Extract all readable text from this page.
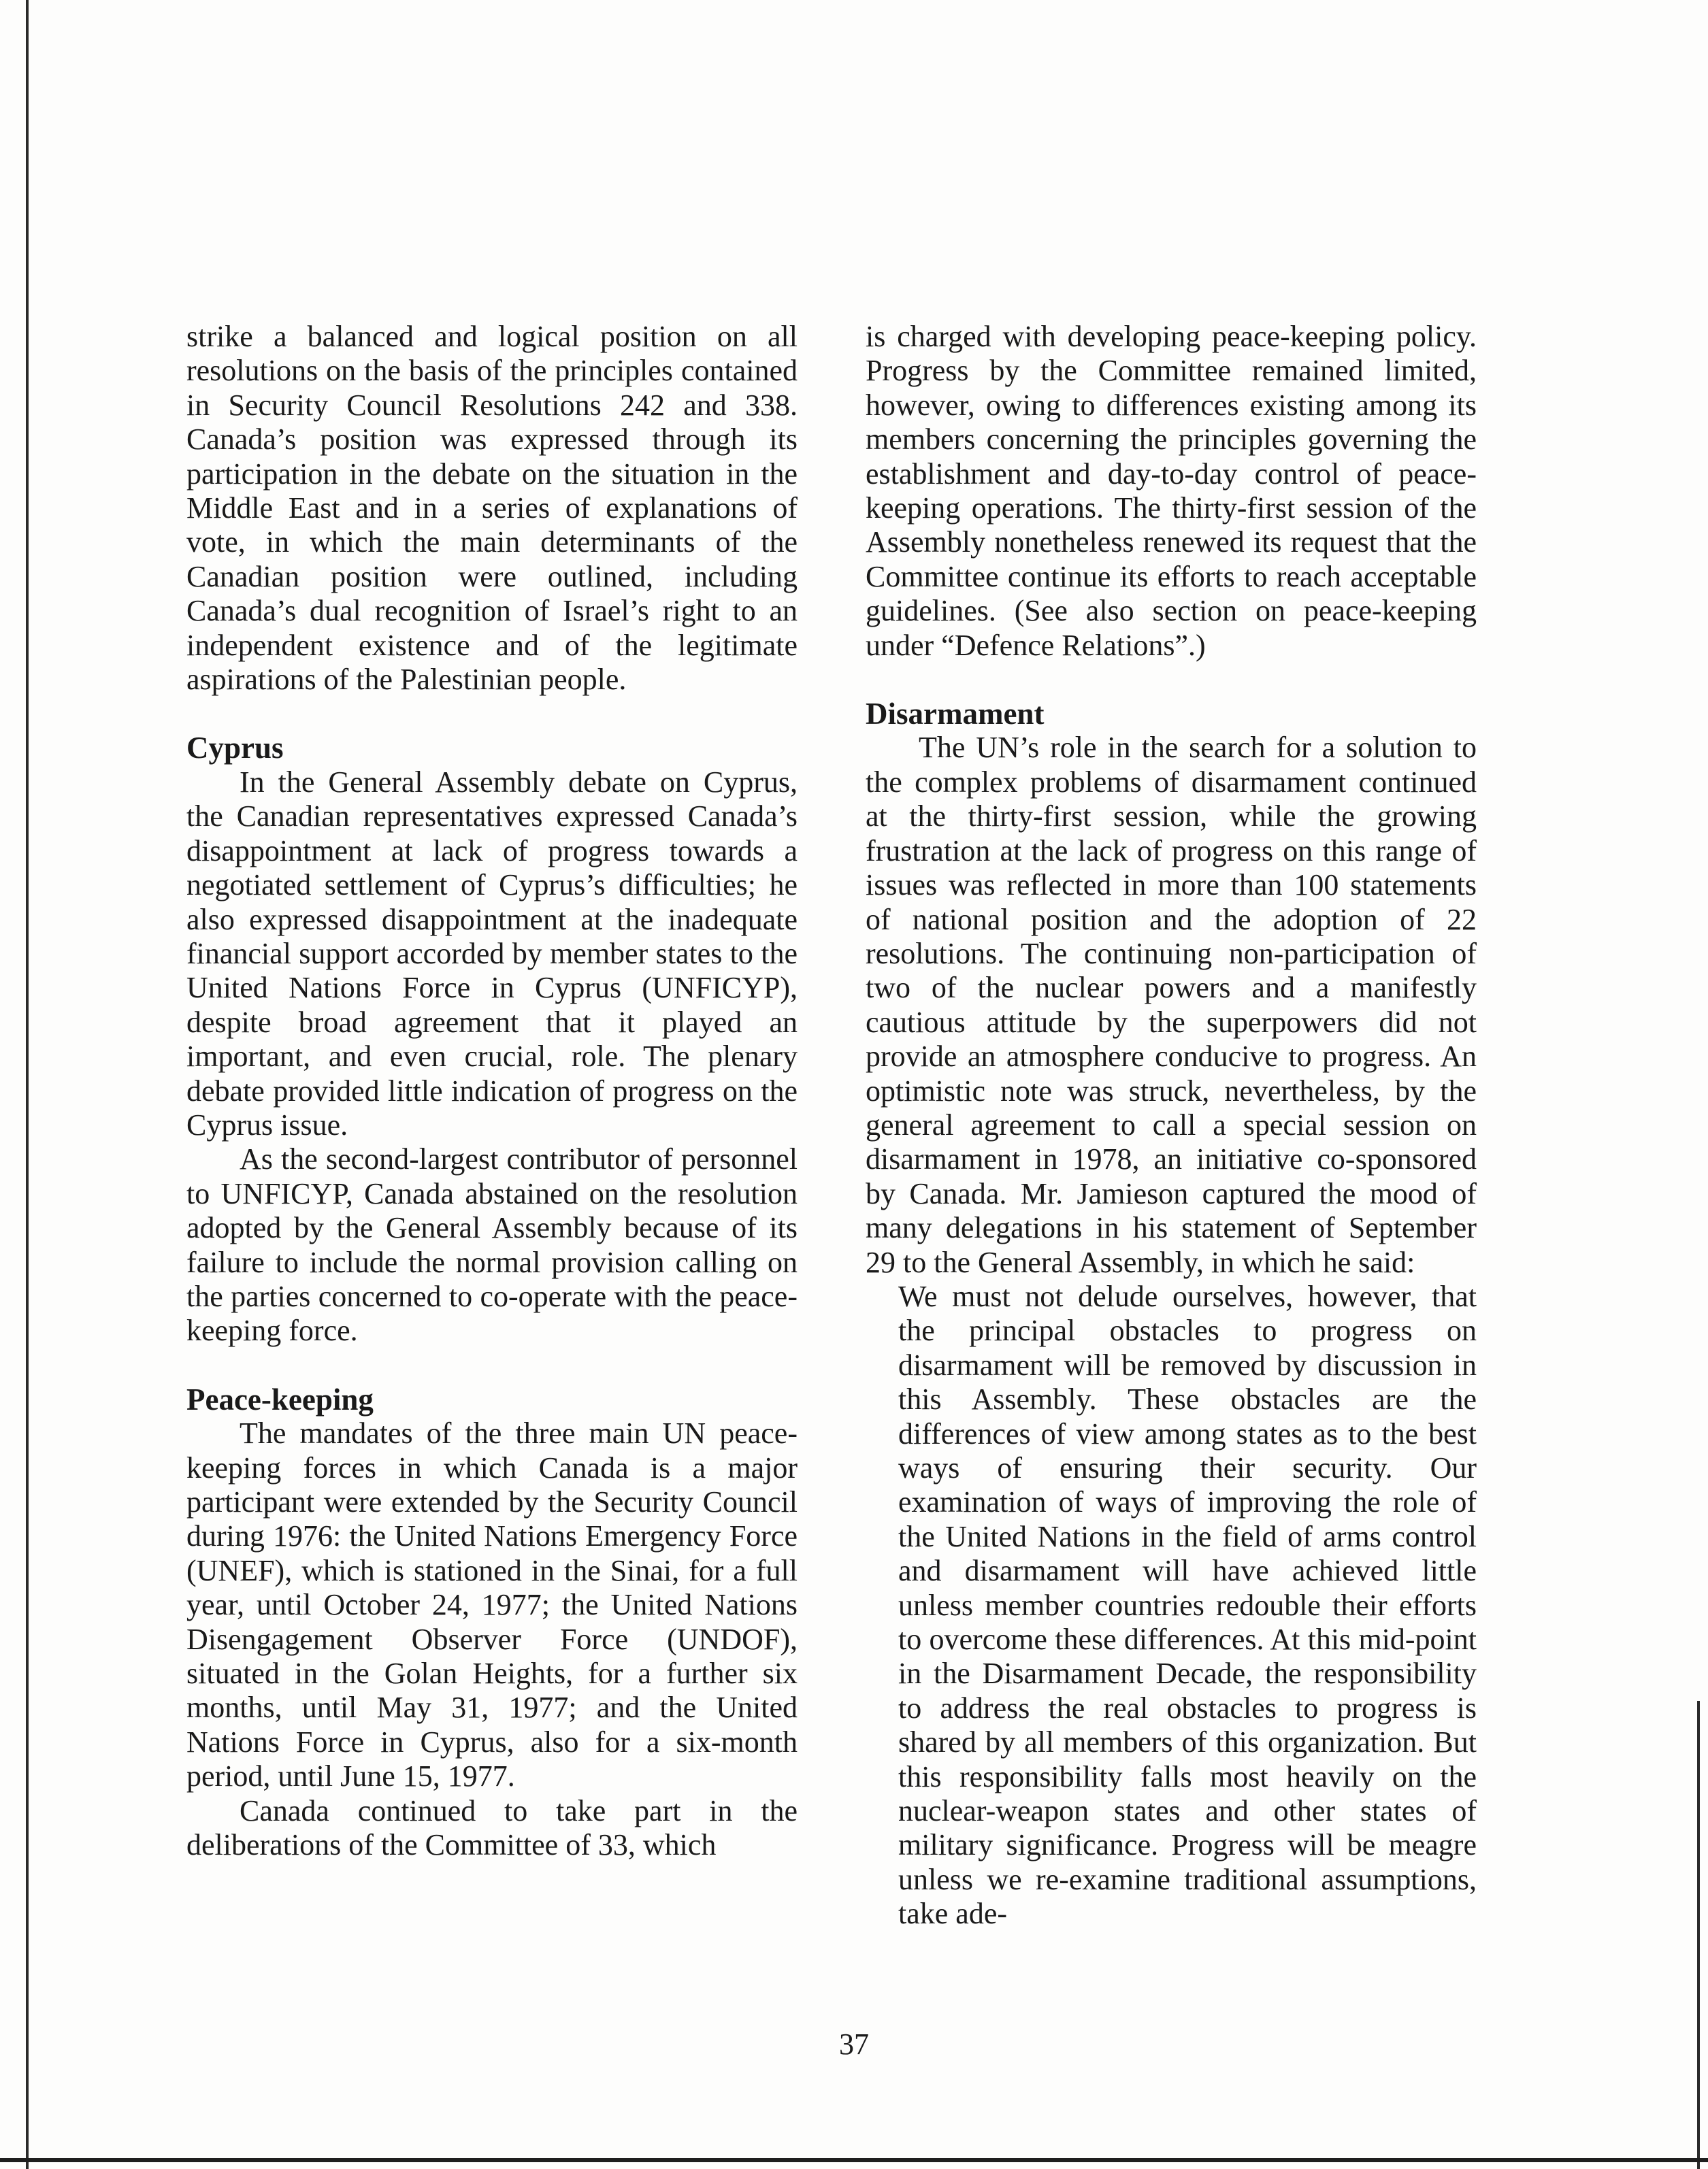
strike a balanced and logical position on all resolutions on the basis of the principles contained in Security Council Resolutions 242 and 338. Canada’s position was expressed through its participation in the debate on the situation in the Middle East and in a series of explanations of vote, in which the main determinants of the Canadian position were outlined, including Canada’s dual recognition of Israel’s right to an independent existence and of the legitimate aspirations of the Palestinian people.

Cyprus

In the General Assembly debate on Cyprus, the Canadian representatives expressed Canada’s disappointment at lack of progress towards a negotiated settlement of Cyprus’s difficulties; he also expressed disappointment at the inadequate financial support accorded by member states to the United Nations Force in Cyprus (UNFICYP), despite broad agreement that it played an important, and even crucial, role. The plenary debate provided little indication of progress on the Cyprus issue.

As the second-largest contributor of personnel to UNFICYP, Canada abstained on the resolution adopted by the General Assembly because of its failure to include the normal provision calling on the parties concerned to co-operate with the peace-keeping force.

Peace-keeping

The mandates of the three main UN peace-keeping forces in which Canada is a major participant were extended by the Security Council during 1976: the United Nations Emergency Force (UNEF), which is stationed in the Sinai, for a full year, until October 24, 1977; the United Nations Disengagement Observer Force (UNDOF), situated in the Golan Heights, for a further six months, until May 31, 1977; and the United Nations Force in Cyprus, also for a six-month period, until June 15, 1977.

Canada continued to take part in the deliberations of the Committee of 33, which

is charged with developing peace-keeping policy. Progress by the Committee remained limited, however, owing to differences existing among its members concerning the principles governing the establishment and day-to-day control of peace-keeping operations. The thirty-first session of the Assembly nonetheless renewed its request that the Committee continue its efforts to reach acceptable guidelines. (See also section on peace-keeping under “Defence Relations”.)

Disarmament

The UN’s role in the search for a solution to the complex problems of disarmament continued at the thirty-first session, while the growing frustration at the lack of progress on this range of issues was reflected in more than 100 statements of national position and the adoption of 22 resolutions. The continuing non-participation of two of the nuclear powers and a manifestly cautious attitude by the superpowers did not provide an atmosphere conducive to progress. An optimistic note was struck, nevertheless, by the general agreement to call a special session on disarmament in 1978, an initiative co-sponsored by Canada. Mr. Jamieson captured the mood of many delegations in his statement of September 29 to the General Assembly, in which he said:

We must not delude ourselves, however, that the principal obstacles to progress on disarmament will be removed by discussion in this Assembly. These obstacles are the differences of view among states as to the best ways of ensuring their security. Our examination of ways of improving the role of the United Nations in the field of arms control and disarmament will have achieved little unless member countries redouble their efforts to overcome these differences. At this mid-point in the Disarmament Decade, the responsibility to address the real obstacles to progress is shared by all members of this organization. But this responsibility falls most heavily on the nuclear-weapon states and other states of military significance. Progress will be meagre unless we re-examine traditional assumptions, take ade-

37
